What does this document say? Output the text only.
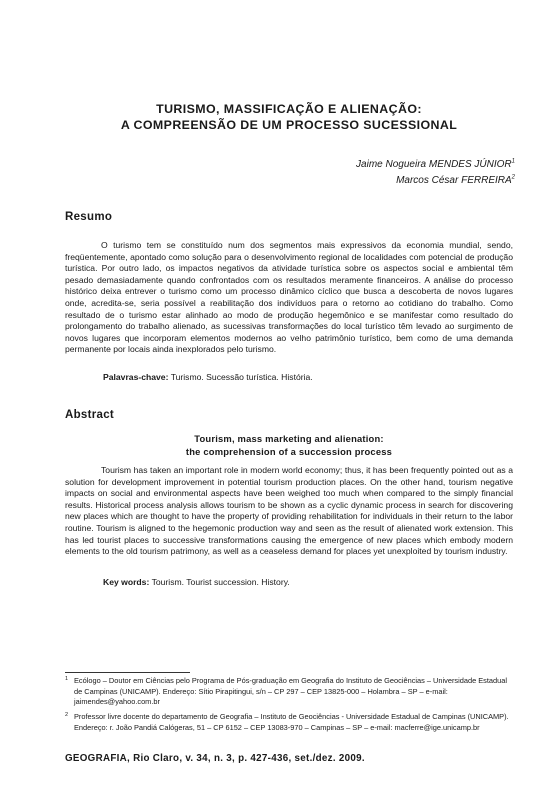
TURISMO, MASSIFICAÇÃO E ALIENAÇÃO:
A COMPREENSÃO DE UM PROCESSO SUCESSIONAL
Jaime Nogueira MENDES JÚNIOR$^1$
Marcos César FERREIRA$^2$
Resumo
O turismo tem se constituído num dos segmentos mais expressivos da economia mundial, sendo, freqüentemente, apontado como solução para o desenvolvimento regional de localidades com potencial de produção turística. Por outro lado, os impactos negativos da atividade turística sobre os aspectos social e ambiental têm pesado demasiadamente quando confrontados com os resultados meramente financeiros. A análise do processo histórico deixa entrever o turismo como um processo dinâmico cíclico que busca a descoberta de novos lugares onde, acredita-se, seria possível a reabilitação dos indivíduos para o retorno ao cotidiano do trabalho. Como resultado de o turismo estar alinhado ao modo de produção hegemônico e se manifestar como resultado do prolongamento do trabalho alienado, as sucessivas transformações do local turístico têm levado ao surgimento de novos lugares que incorporam elementos modernos ao velho patrimônio turístico, bem como de uma demanda permanente por locais ainda inexplorados pelo turismo.
Palavras-chave: Turismo. Sucessão turística. História.
Abstract
Tourism, mass marketing and alienation:
the comprehension of a succession process
Tourism has taken an important role in modern world economy; thus, it has been frequently pointed out as a solution for development improvement in potential tourism production places. On the other hand, tourism negative impacts on social and environmental aspects have been weighed too much when compared to the simply financial results. Historical process analysis allows tourism to be shown as a cyclic dynamic process in search for discovering new places which are thought to have the property of providing rehabilitation for individuals in their return to the labor routine. Tourism is aligned to the hegemonic production way and seen as the result of alienated work extension. This has led tourist places to successive transformations causing the emergence of new places which embody modern elements to the old tourism patrimony, as well as a ceaseless demand for places yet unexploited by tourism industry.
Key words: Tourism. Tourist succession. History.
1 Ecólogo – Doutor em Ciências pelo Programa de Pós-graduação em Geografia do Instituto de Geociências – Universidade Estadual de Campinas (UNICAMP). Endereço: Sítio Pirapitingui, s/n – CP 297 – CEP 13825-000 – Holambra – SP – e-mail: jaimendes@yahoo.com.br
2 Professor livre docente do departamento de Geografia – Instituto de Geociências - Universidade Estadual de Campinas (UNICAMP). Endereço: r. João Pandiá Calógeras, 51 – CP 6152 – CEP 13083-970 – Campinas – SP – e-mail: macferre@ige.unicamp.br
GEOGRAFIA, Rio Claro, v. 34, n. 3, p. 427-436, set./dez. 2009.
